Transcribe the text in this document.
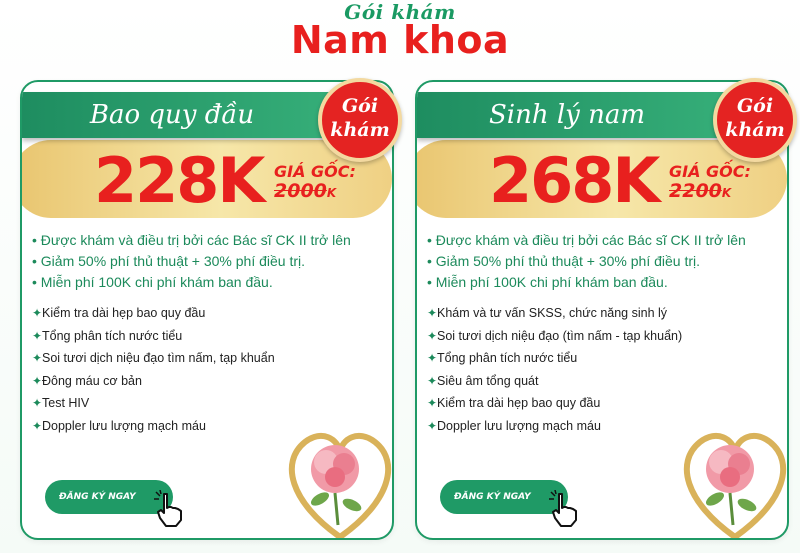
Gói khám
Nam khoa
Bao quy đầu
228K GIÁ GỐC:
2000K
• Được khám và điều trị bởi các Bác sĩ CK II trở lên
• Giảm 50% phí thủ thuật + 30% phí điều trị.
• Miễn phí 100K chi phí khám ban đầu.
✦Kiểm tra dài hẹp bao quy đầu
✦Tổng phân tích nước tiểu
✦Soi tươi dịch niệu đạo tìm nấm, tạp khuẩn
✦Đông máu cơ bản
✦Test HIV
✦Doppler lưu lượng mạch máu
ĐĂNG KÝ NGAY
Sinh lý nam
268K GIÁ GỐC:
2200K
• Được khám và điều trị bởi các Bác sĩ CK II trở lên
• Giảm 50% phí thủ thuật + 30% phí điều trị.
• Miễn phí 100K chi phí khám ban đầu.
✦Khám và tư vấn SKSS, chức năng sinh lý
✦Soi tươi dịch niệu đạo (tìm nấm - tạp khuẩn)
✦Tổng phân tích nước tiểu
✦Siêu âm tổng quát
✦Kiểm tra dài hẹp bao quy đầu
✦Doppler lưu lượng mạch máu
ĐĂNG KÝ NGAY
Gói
khám
Gói
khám
